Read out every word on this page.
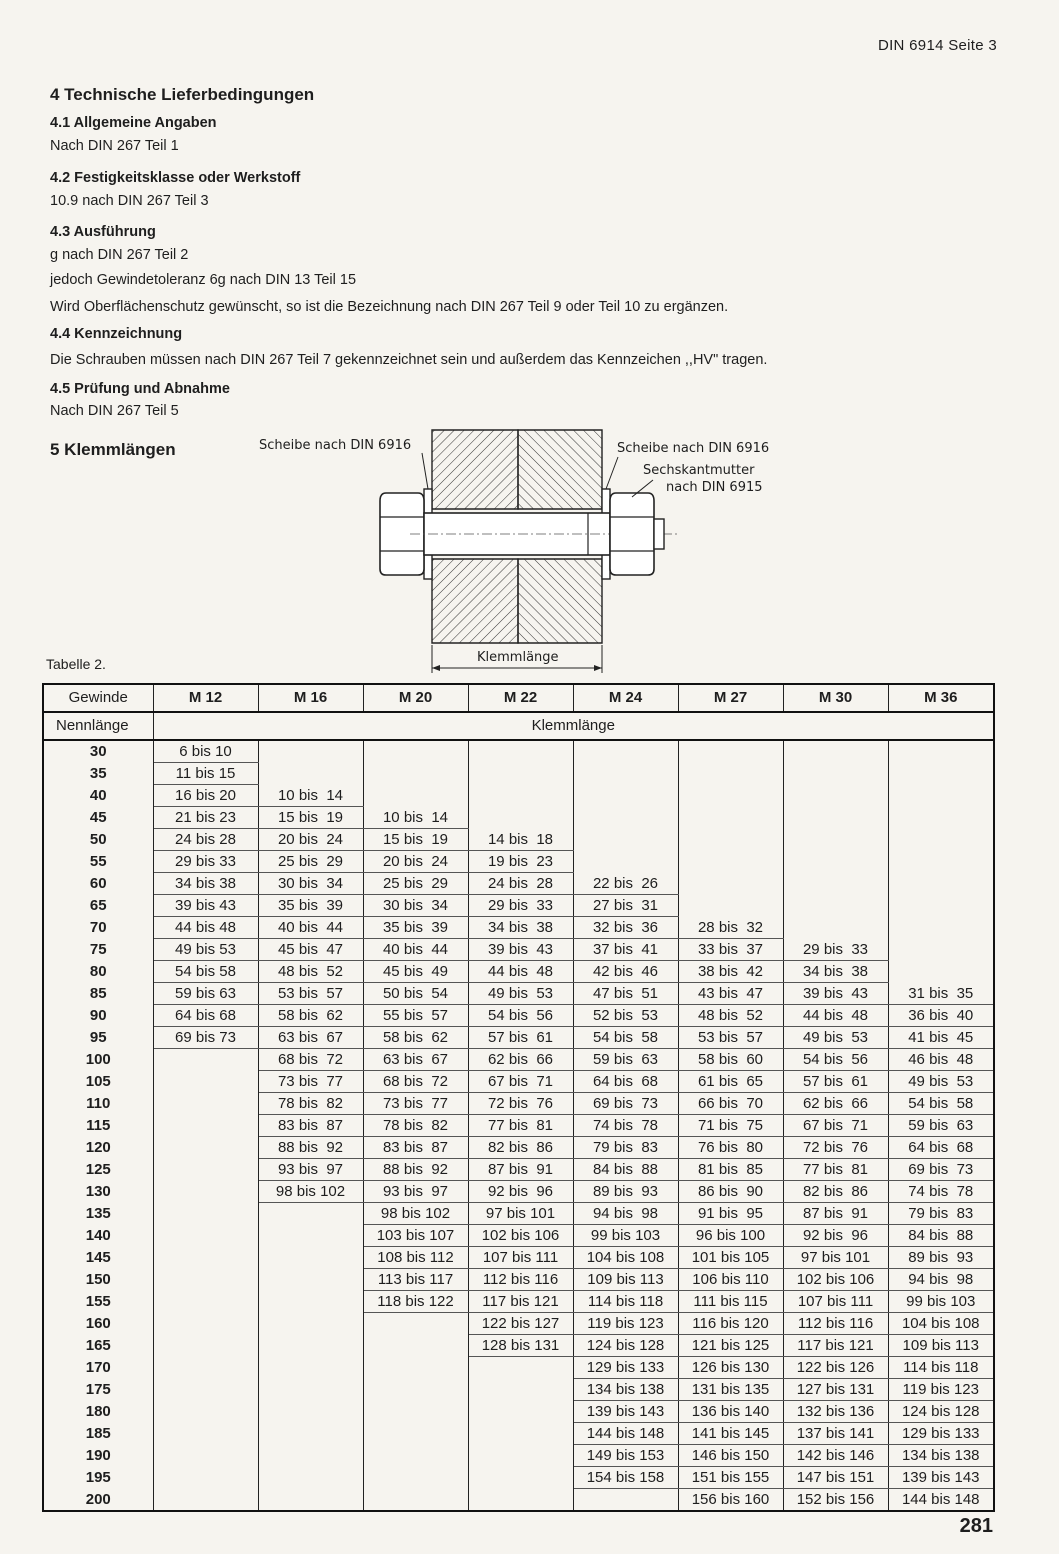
DIN 6914 Seite 3
4 Technische Lieferbedingungen
4.1 Allgemeine Angaben
Nach DIN 267 Teil 1
4.2 Festigkeitsklasse oder Werkstoff
10.9 nach DIN 267 Teil 3
4.3 Ausführung
g nach DIN 267 Teil 2
jedoch Gewindetoleranz 6g nach DIN 13 Teil 15
Wird Oberflächenschutz gewünscht, so ist die Bezeichnung nach DIN 267 Teil 9 oder Teil 10 zu ergänzen.
4.4 Kennzeichnung
Die Schrauben müssen nach DIN 267 Teil 7 gekennzeichnet sein und außerdem das Kennzeichen ,,HV" tragen.
4.5 Prüfung und Abnahme
Nach DIN 267 Teil 5
5 Klemmlängen	Scheibe nach DIN 6916	Scheibe nach DIN 6916
Sechskantmutter
nach DIN 6915
Klemmlänge
Tabelle 2.
Gewinde	M 12	M 16	M 20	M 22	M 24	M 27	M 30	M 36
Nennlänge	Klemmlänge							
30	6 bis 10							
35	11 bis 15							
40	16 bis 20	10 bis  14						
45	21 bis 23	15 bis  19	10 bis  14					
50	24 bis 28	20 bis  24	15 bis  19	14 bis  18				
55	29 bis 33	25 bis  29	20 bis  24	19 bis  23				
60	34 bis 38	30 bis  34	25 bis  29	24 bis  28	22 bis  26			
65	39 bis 43	35 bis  39	30 bis  34	29 bis  33	27 bis  31			
70	44 bis 48	40 bis  44	35 bis  39	34 bis  38	32 bis  36	28 bis  32		
75	49 bis 53	45 bis  47	40 bis  44	39 bis  43	37 bis  41	33 bis  37	29 bis  33	
80	54 bis 58	48 bis  52	45 bis  49	44 bis  48	42 bis  46	38 bis  42	34 bis  38	
85	59 bis 63	53 bis  57	50 bis  54	49 bis  53	47 bis  51	43 bis  47	39 bis  43	31 bis  35
90	64 bis 68	58 bis  62	55 bis  57	54 bis  56	52 bis  53	48 bis  52	44 bis  48	36 bis  40
95	69 bis 73	63 bis  67	58 bis  62	57 bis  61	54 bis  58	53 bis  57	49 bis  53	41 bis  45
100		68 bis  72	63 bis  67	62 bis  66	59 bis  63	58 bis  60	54 bis  56	46 bis  48
105		73 bis  77	68 bis  72	67 bis  71	64 bis  68	61 bis  65	57 bis  61	49 bis  53
110		78 bis  82	73 bis  77	72 bis  76	69 bis  73	66 bis  70	62 bis  66	54 bis  58
115		83 bis  87	78 bis  82	77 bis  81	74 bis  78	71 bis  75	67 bis  71	59 bis  63
120		88 bis  92	83 bis  87	82 bis  86	79 bis  83	76 bis  80	72 bis  76	64 bis  68
125		93 bis  97	88 bis  92	87 bis  91	84 bis  88	81 bis  85	77 bis  81	69 bis  73
130		98 bis 102	93 bis  97	92 bis  96	89 bis  93	86 bis  90	82 bis  86	74 bis  78
135			98 bis 102	97 bis 101	94 bis  98	91 bis  95	87 bis  91	79 bis  83
140			103 bis 107	102 bis 106	99 bis 103	96 bis 100	92 bis  96	84 bis  88
145			108 bis 112	107 bis 111	104 bis 108	101 bis 105	97 bis 101	89 bis  93
150			113 bis 117	112 bis 116	109 bis 113	106 bis 110	102 bis 106	94 bis  98
155			118 bis 122	117 bis 121	114 bis 118	111 bis 115	107 bis 111	99 bis 103
160				122 bis 127	119 bis 123	116 bis 120	112 bis 116	104 bis 108
165				128 bis 131	124 bis 128	121 bis 125	117 bis 121	109 bis 113
170					129 bis 133	126 bis 130	122 bis 126	114 bis 118
175					134 bis 138	131 bis 135	127 bis 131	119 bis 123
180					139 bis 143	136 bis 140	132 bis 136	124 bis 128
185					144 bis 148	141 bis 145	137 bis 141	129 bis 133
190					149 bis 153	146 bis 150	142 bis 146	134 bis 138
195					154 bis 158	151 bis 155	147 bis 151	139 bis 143
200						156 bis 160	152 bis 156	144 bis 148
281
